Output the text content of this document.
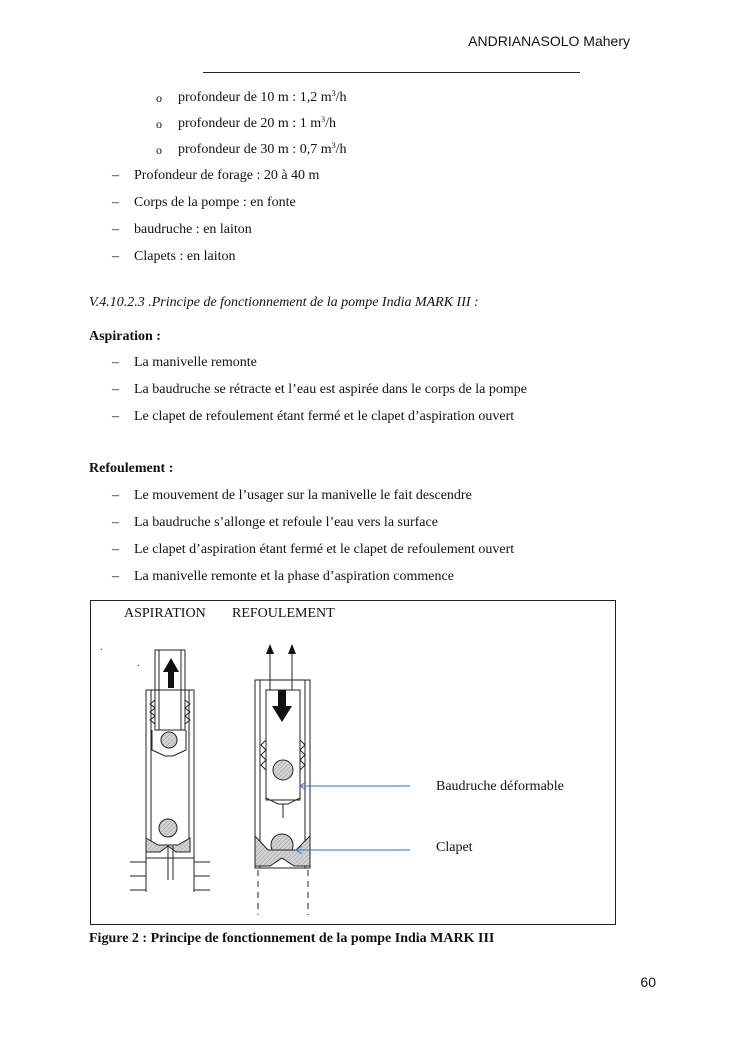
ANDRIANASOLO Mahery
o profondeur de 10 m : 1,2 $m^3/h$
o profondeur de 20 m : 1 $m^3/h$
o profondeur de 30 m : 0,7 $m^3/h$
– Profondeur de forage : 20 à 40 m
– Corps de la pompe : en fonte
– baudruche : en laiton
– Clapets : en laiton
V.4.10.2.3 .Principe de fonctionnement de la pompe India MARK III :
Aspiration :
– La manivelle remonte
– La baudruche se rétracte et l’eau est aspirée dans le corps de la pompe
– Le clapet de refoulement étant fermé et le clapet d’aspiration ouvert
Refoulement :
– Le mouvement de l’usager sur la manivelle le fait descendre
– La baudruche s’allonge et refoule l’eau vers la surface
– Le clapet d’aspiration étant fermé et le clapet de refoulement ouvert
– La manivelle remonte et la phase d’aspiration commence
ASPIRATION REFOULEMENT
.
.
Baudruche déformable
Clapet
Figure 2 : Principe de fonctionnement de la pompe India MARK III
60
